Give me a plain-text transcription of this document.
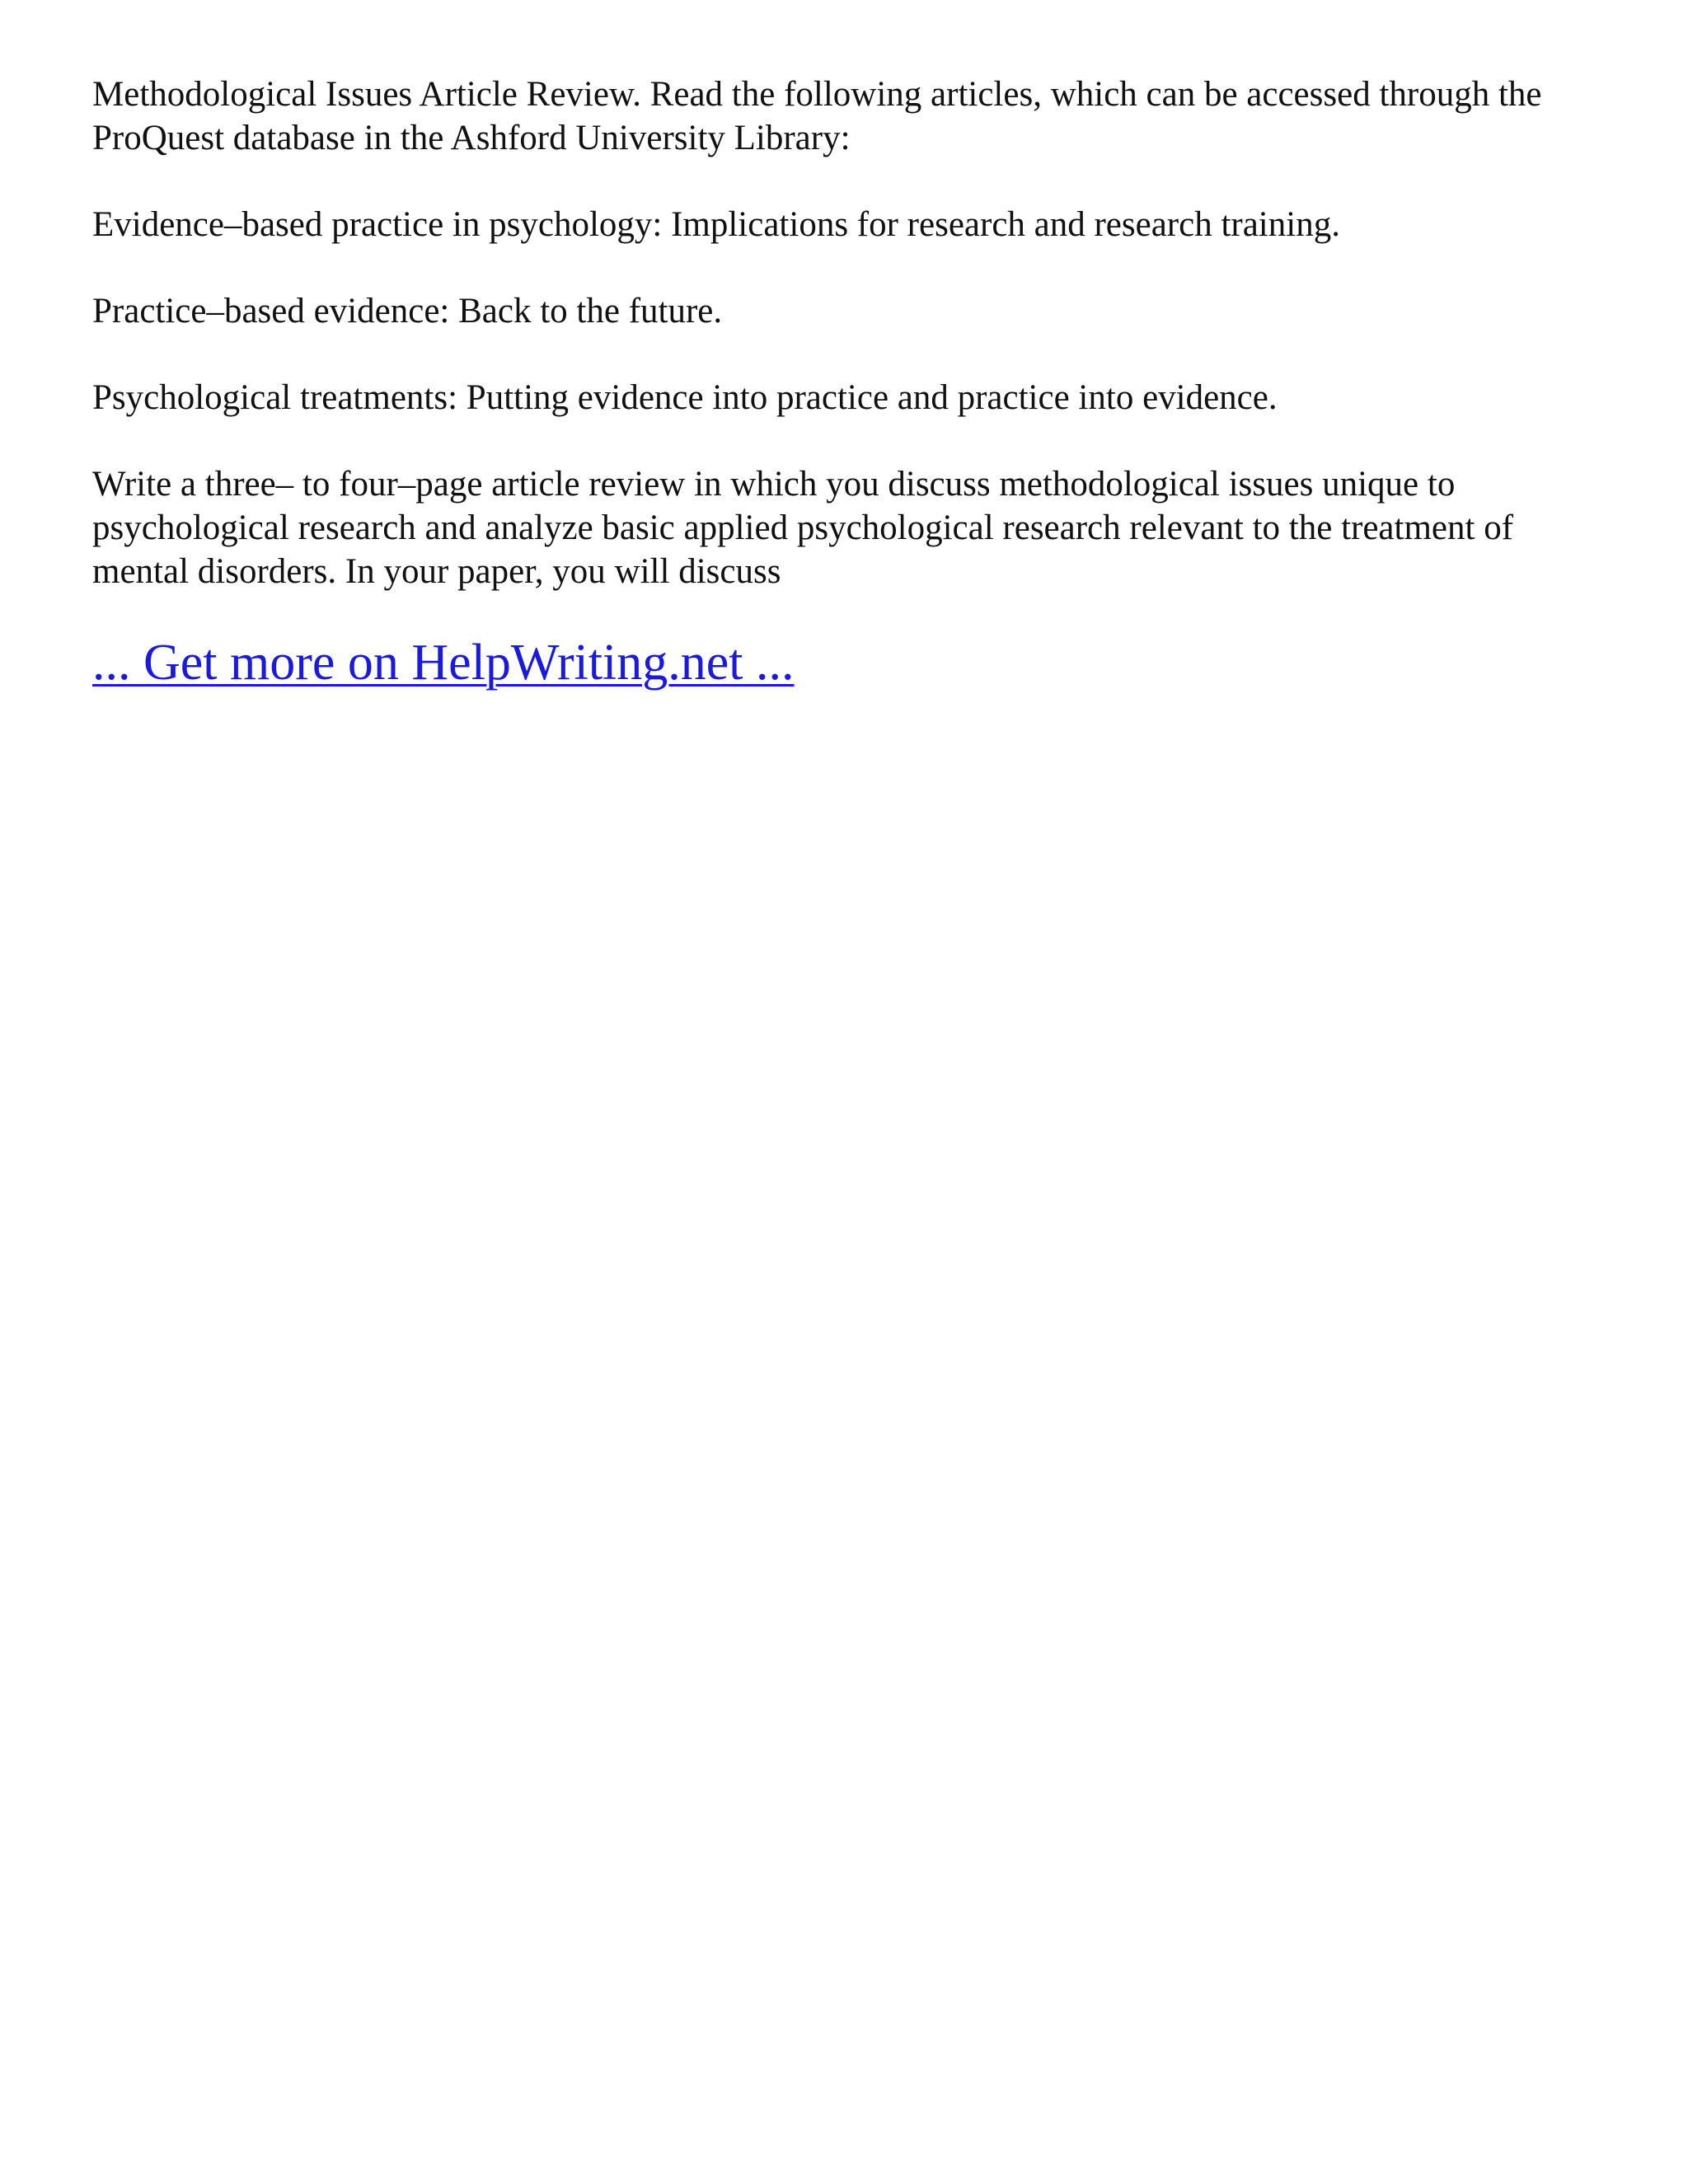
Methodological Issues Article Review. Read the following articles, which can be accessed through the ProQuest database in the Ashford University Library:

Evidence–based practice in psychology: Implications for research and research training.

Practice–based evidence: Back to the future.

Psychological treatments: Putting evidence into practice and practice into evidence.

Write a three– to four–page article review in which you discuss methodological issues unique to psychological research and analyze basic applied psychological research relevant to the treatment of mental disorders. In your paper, you will discuss

... Get more on HelpWriting.net ...
